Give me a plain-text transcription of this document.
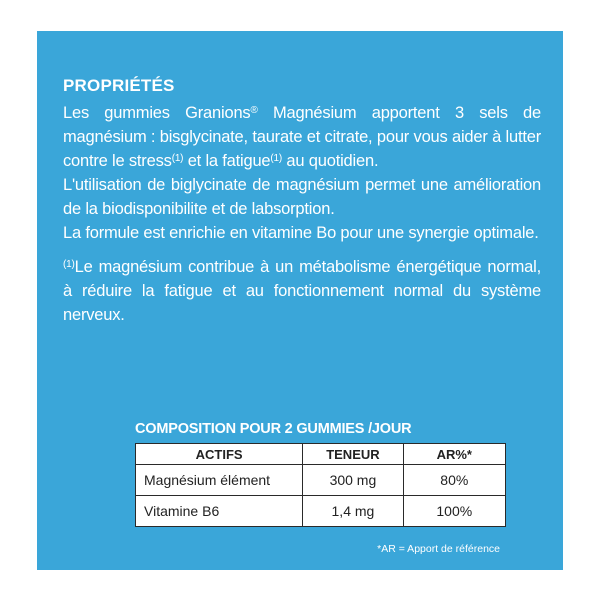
PROPRIÉTÉS

Les gummies Granions® Magnésium apportent 3 sels de magnésium : bisglycinate, taurate et citrate, pour vous aider à lutter contre le stress$^{(1)}$ et la fatigue$^{(1)}$ au quotidien.

L'utilisation de biglycinate de magnésium permet une amélioration de la biodisponibilite et de labsorption.

La formule est enrichie en vitamine Bo pour une synergie optimale.

$^{(1)}$Le magnésium contribue à un métabolisme énergétique normal, à réduire la fatigue et au fonctionnement normal du système nerveux.

COMPOSITION POUR 2 GUMMIES /JOUR
ACTIFS	TENEUR	AR%*
Magnésium élément	300 mg	80%
Vitamine B6	1,4 mg	100%
*AR = Apport de référence
